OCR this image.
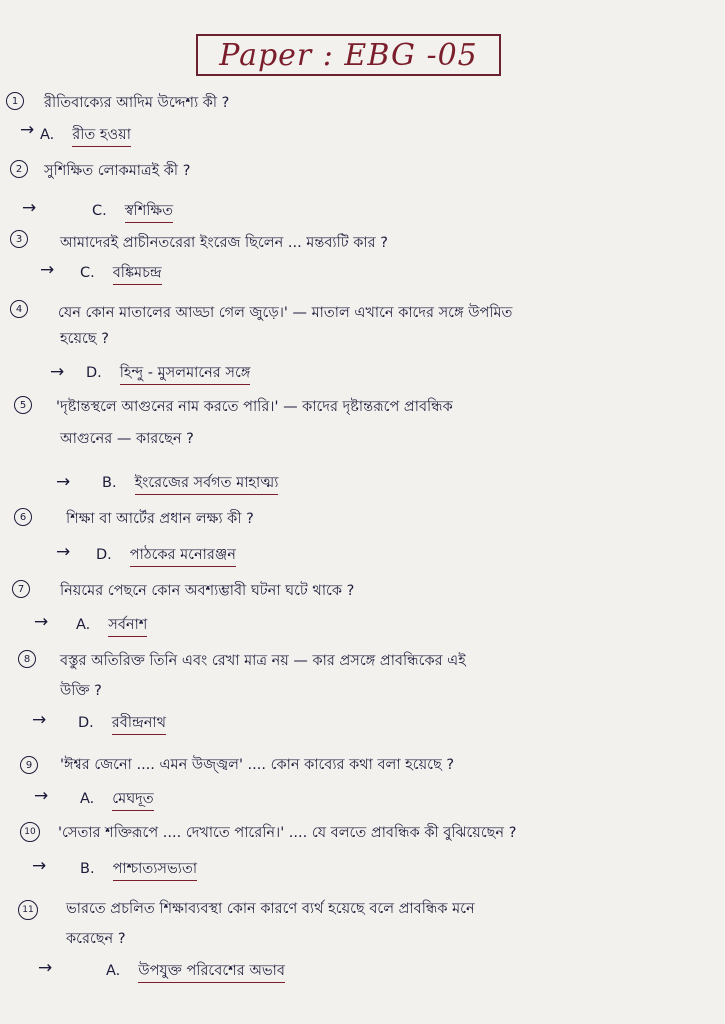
Paper : EBG -05
1	রীতিবাক্যের আদিম উদ্দেশ্য কী ?
→ A. রীত হওয়া
2	সুশিক্ষিত লোকমাত্রই কী ?
→	C. স্বশিক্ষিত
3	আমাদেরই প্রাচীনতরেরা ইংরেজ ছিলেন ... মন্তব্যটি কার ?
→ C. বঙ্কিমচন্দ্র
4	যেন কোন মাতালের আড্ডা গেল জুড়ে।' — মাতাল এখানে কাদের সঙ্গে উপমিত
হয়েছে ?
→ D. হিন্দু - মুসলমানের সঙ্গে
5	'দৃষ্টান্তস্থলে আগুনের নাম করতে পারি।' — কাদের দৃষ্টান্তরূপে প্রাবন্ধিক
আগুনের — কারছেন ?
→ B. ইংরেজের সর্বগত মাহাত্ম্য
6	শিক্ষা বা আর্টের প্রধান লক্ষ্য কী ?
→ D. পাঠকের মনোরঞ্জন
7	নিয়মের পেছনে কোন অবশ্যম্ভাবী ঘটনা ঘটে থাকে ?
→ A. সর্বনাশ
8	বস্তুর অতিরিক্ত তিনি এবং রেখা মাত্র নয় — কার প্রসঙ্গে প্রাবন্ধিকের এই
উক্তি ?
→ D. রবীন্দ্রনাথ
9	'ঈশ্বর জেনো .... এমন উজ্জ্বল' .... কোন কাব্যের কথা বলা হয়েছে ?
→ A. মেঘদূত
10 'সেতার শক্তিরূপে .... দেখাতে পারেনি।' .... যে বলতে প্রাবন্ধিক কী বুঝিয়েছেন ?
→ B. পাশ্চাত্যসভ্যতা
11 ভারতে প্রচলিত শিক্ষাব্যবস্থা কোন কারণে ব্যর্থ হয়েছে বলে প্রাবন্ধিক মনে
করেছেন ?
→	A. উপযুক্ত পরিবেশের অভাব
